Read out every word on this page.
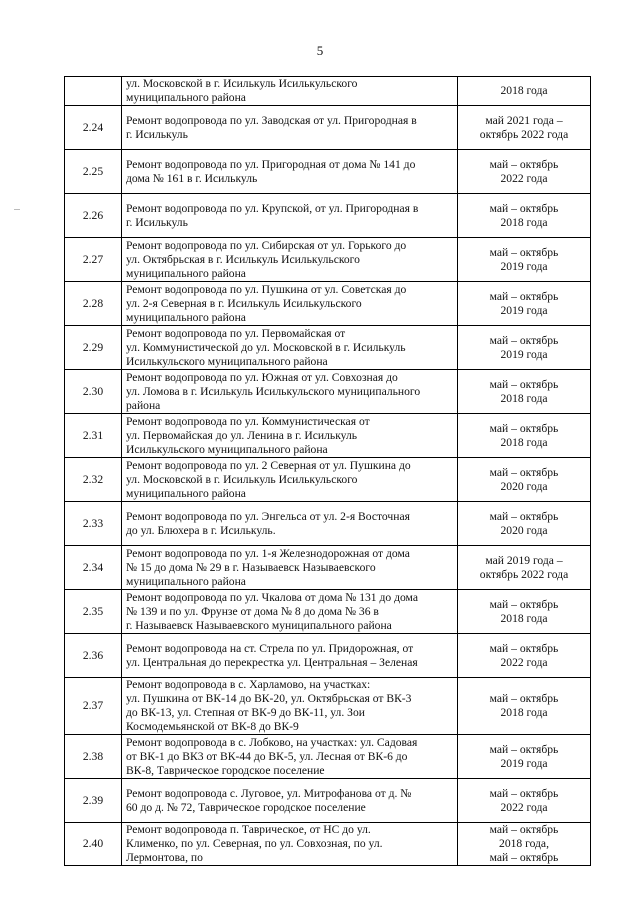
5

	ул. Московской в г. Исилькуль Исилькульского
муниципального района	2018 года

2.24	Ремонт водопровода по ул. Заводская от ул. Пригородная в
г. Исилькуль	май 2021 года –
октябрь 2022 года

2.25	Ремонт водопровода по ул. Пригородная от дома № 141 до
дома № 161 в г. Исилькуль	май – октябрь
2022 года

2.26	Ремонт водопровода по ул. Крупской, от ул. Пригородная в
г. Исилькуль	май – октябрь
2018 года

2.27	Ремонт водопровода по ул. Сибирская от ул. Горького до
ул. Октябрьская в г. Исилькуль Исилькульского
муниципального района	май – октябрь
2019 года

2.28	Ремонт водопровода по ул. Пушкина от ул. Советская до
ул. 2-я Северная в г. Исилькуль Исилькульского
муниципального района	май – октябрь
2019 года

2.29	Ремонт водопровода по ул. Первомайская от
ул. Коммунистической до ул. Московской в г. Исилькуль
Исилькульского муниципального района	май – октябрь
2019 года

2.30	Ремонт водопровода по ул. Южная от ул. Совхозная до
ул. Ломова в г. Исилькуль Исилькульского муниципального
района	май – октябрь
2018 года

2.31	Ремонт водопровода по ул. Коммунистическая от
ул. Первомайская до ул. Ленина в г. Исилькуль
Исилькульского муниципального района	май – октябрь
2018 года

2.32	Ремонт водопровода по ул. 2 Северная от ул. Пушкина до
ул. Московской в г. Исилькуль Исилькульского
муниципального района	май – октябрь
2020 года

2.33	Ремонт водопровода по ул. Энгельса от ул. 2-я Восточная
до ул. Блюхера в г. Исилькуль.	май – октябрь
2020 года

2.34	Ремонт водопровода по ул. 1-я Железнодорожная от дома
№ 15 до дома № 29 в г. Называевск Называевского
муниципального района	май 2019 года –
октябрь 2022 года

2.35	Ремонт водопровода по ул. Чкалова от дома № 131 до дома
№ 139 и по ул. Фрунзе от дома № 8 до дома № 36 в
г. Называевск Называевского муниципального района	май – октябрь
2018 года

2.36	Ремонт водопровода на ст. Стрела по ул. Придорожная, от
ул. Центральная до перекрестка ул. Центральная – Зеленая	май – октябрь
2022 года

2.37	Ремонт водопровода в с. Харламово, на участках:
ул. Пушкина от ВК-14 до ВК-20, ул. Октябрьская от ВК-3
до ВК-13, ул. Степная от ВК-9 до ВК-11, ул. Зои
Космодемьянской от ВК-8 до ВК-9	май – октябрь
2018 года

2.38	Ремонт водопровода в с. Лобково, на участках: ул. Садовая
от ВК-1 до ВК3 от ВК-44 до ВК-5, ул. Лесная от ВК-6 до
ВК-8, Таврическое городское поселение	май – октябрь
2019 года

2.39	Ремонт водопровода с. Луговое, ул. Митрофанова от д. №
60 до д. № 72, Таврическое городское поселение	май – октябрь
2022 года

2.40	Ремонт водопровода п. Таврическое, от НС до ул.
Клименко, по ул. Северная, по ул. Совхозная, по ул.
Лермонтова, по	май – октябрь
2018 года,
май – октябрь
